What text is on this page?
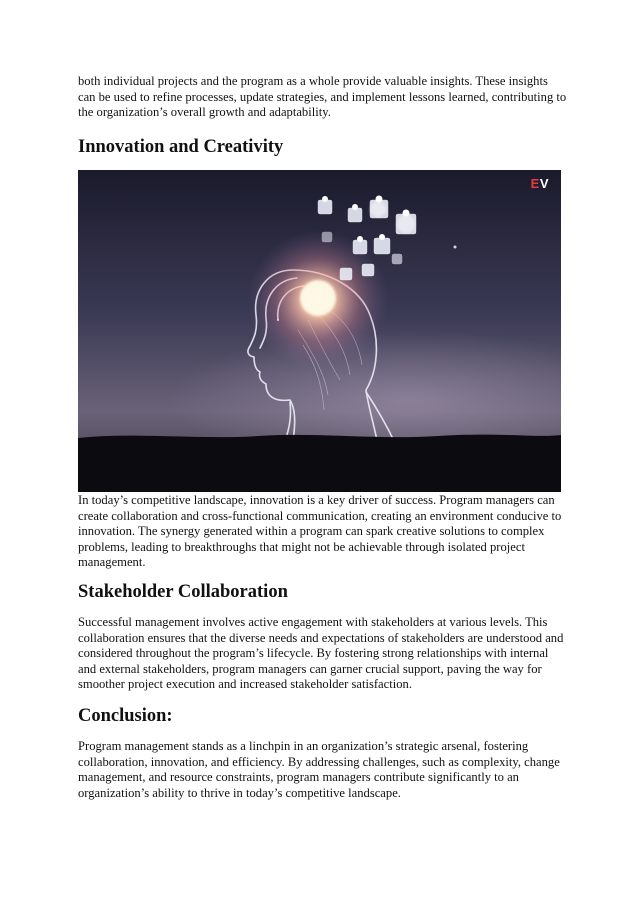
both individual projects and the program as a whole provide valuable insights. These insights can be used to refine processes, update strategies, and implement lessons learned, contributing to the organization’s overall growth and adaptability.

Innovation and Creativity
EV

In today’s competitive landscape, innovation is a key driver of success. Program managers can create collaboration and cross-functional communication, creating an environment conducive to innovation. The synergy generated within a program can spark creative solutions to complex problems, leading to breakthroughs that might not be achievable through isolated project management.

Stakeholder Collaboration

Successful management involves active engagement with stakeholders at various levels. This collaboration ensures that the diverse needs and expectations of stakeholders are understood and considered throughout the program’s lifecycle. By fostering strong relationships with internal and external stakeholders, program managers can garner crucial support, paving the way for smoother project execution and increased stakeholder satisfaction.

Conclusion:

Program management stands as a linchpin in an organization’s strategic arsenal, fostering collaboration, innovation, and efficiency. By addressing challenges, such as complexity, change management, and resource constraints, program managers contribute significantly to an organization’s ability to thrive in today’s competitive landscape.
